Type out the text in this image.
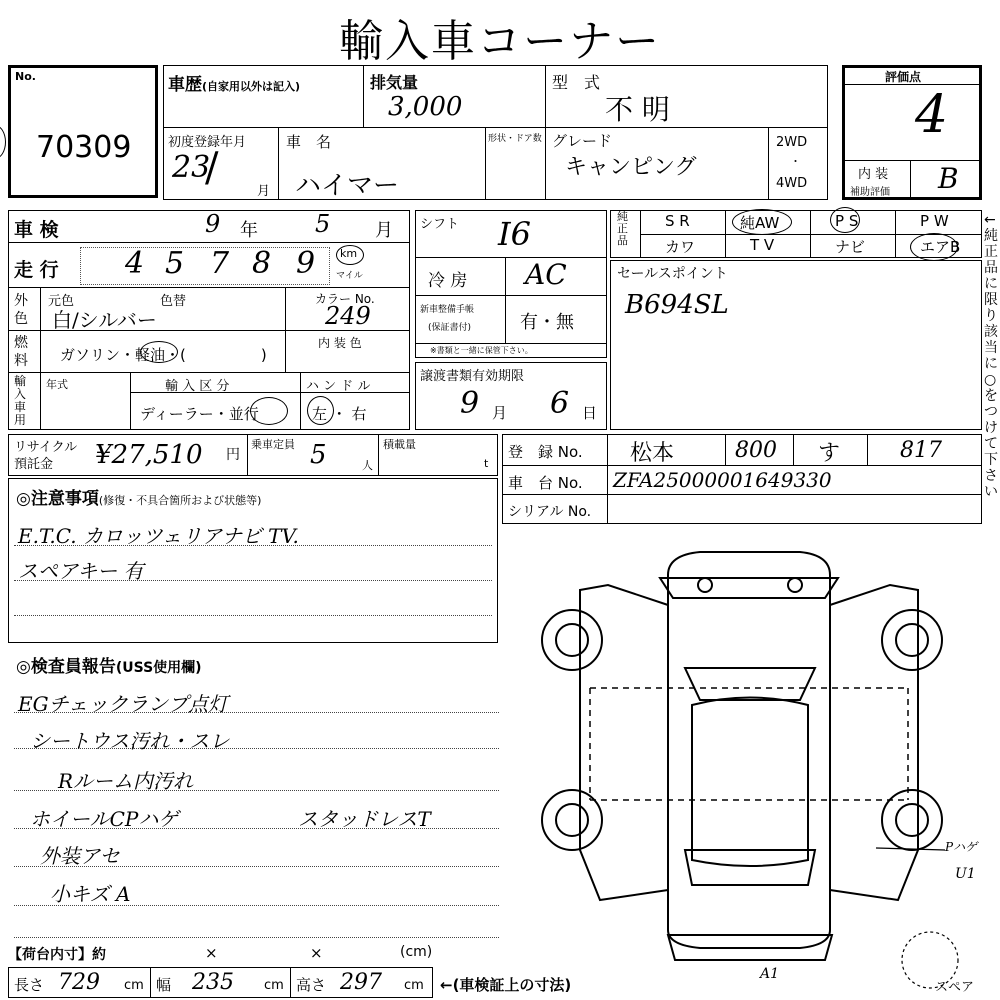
輸入車コーナー
No.
70309
車歴(自家用以外は記入)	排気量
3,000
型　式
不 明
初度登録年月
23
/
月
車　名
ハイマー
形状・ドア数 グレード
キャンピング
2WD
・
4WD
評価点
4
内 装
補助評価 B
車 検	9 年 5 月
走 行 4 5 7 8 9 km
マイル
外色
元色	色替
白/シルバー
カラー No.
249
燃料 ガソリン・軽油・(　　　　　)
内 装 色
輸入車用
年式	輸 入 区 分
ディーラー・並行
ハ ン ド ル
左 ・ 右
シフト I6
冷 房 AC
新車整備手帳
(保証書付)	有・無
※書類と一緒に保管下さい。
譲渡書類有効期限
9 月 6 日
純正品
S R	純AW	P S	P W
カワ	T V	ナビ	エアB
←純正品に限り該当に○をつけて下さい
セールスポイント
B694SL
リサイクル
預託金 ¥27,510 円
乗車定員 5	人
積載量
t
登　録 No. 松本	800 す	817
車　台 No. ZFA25000001649330
シリアル No.
◎注意事項(修復・不具合箇所および状態等)
E.T.C. カロッツェリアナビ TV.
スペアキー 有
◎検査員報告(USS使用欄)
EGチェックランプ点灯
シートウス汚れ・スレ
Rルーム内汚れ
ホイールCPハゲ	スタッドレスT
外装アセ
小キズ A
【荷台内寸】約	×	×	(cm)
長さ 729 cm 幅 235 cm 高さ 297 cm ←(車検証上の寸法)
Pハゲ
U1
A1
スペア
